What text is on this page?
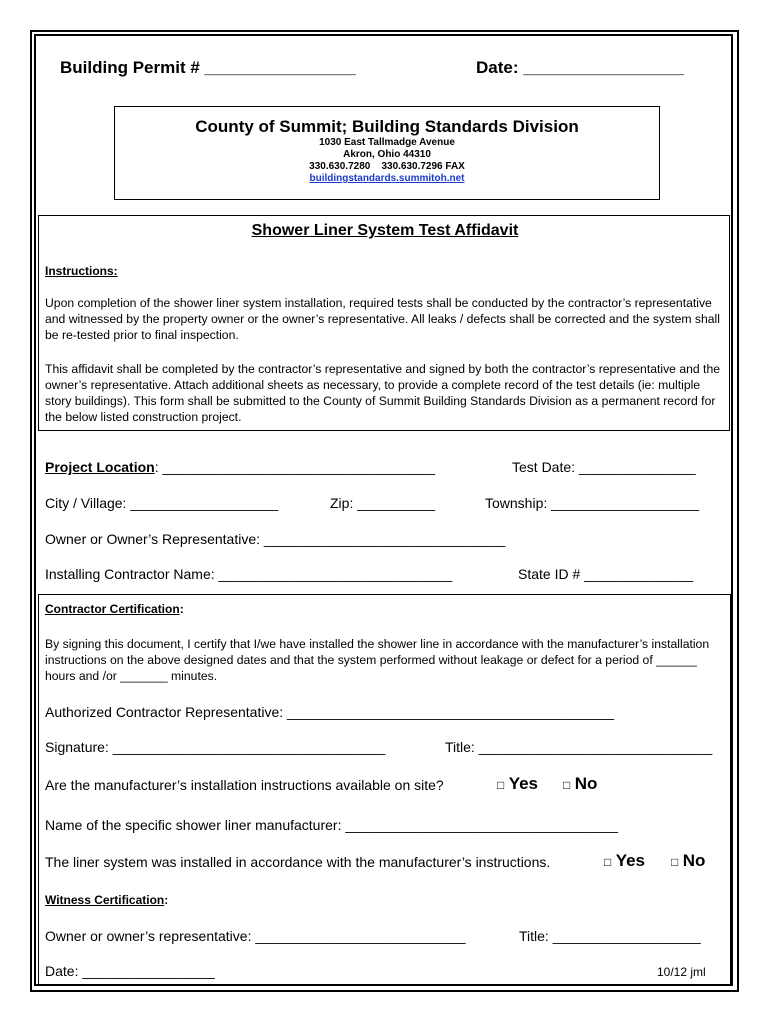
Building Permit # ________________	Date: _________________
County of Summit; Building Standards Division
1030 East Tallmadge Avenue
Akron, Ohio 44310
330.630.7280    330.630.7296 FAX
buildingstandards.summitoh.net
Shower Liner System Test Affidavit
Instructions:
Upon completion of the shower liner system installation, required tests shall be conducted by the contractor’s representative and witnessed by the property owner or the owner’s representative. All leaks / defects shall be corrected and the system shall be re-tested prior to final inspection.
This affidavit shall be completed by the contractor’s representative and signed by both the contractor’s representative and the owner’s representative. Attach additional sheets as necessary, to provide a complete record of the test details (ie: multiple story buildings). This form shall be submitted to the County of Summit Building Standards Division as a permanent record for the below listed construction project.
Project Location: ___________________________________	Test Date: _______________
City / Village: ___________________	Zip: __________	Township: ___________________
Owner or Owner’s Representative: _______________________________
Installing Contractor Name: ______________________________	State ID # ______________
Contractor Certification:
By signing this document, I certify that I/we have installed the shower line in accordance with the manufacturer’s installation instructions on the above designed dates and that the system performed without leakage or defect for a period of ______ hours and /or _______ minutes.
Authorized Contractor Representative: __________________________________________
Signature: ___________________________________	Title: ______________________________
Are the manufacturer’s installation instructions available on site?	□ Yes □ No
Name of the specific shower liner manufacturer: ___________________________________
The liner system was installed in accordance with the manufacturer’s instructions.	□ Yes □ No
Witness Certification:
Owner or owner’s representative: ___________________________	Title: ___________________
Date: _________________	10/12 jml
